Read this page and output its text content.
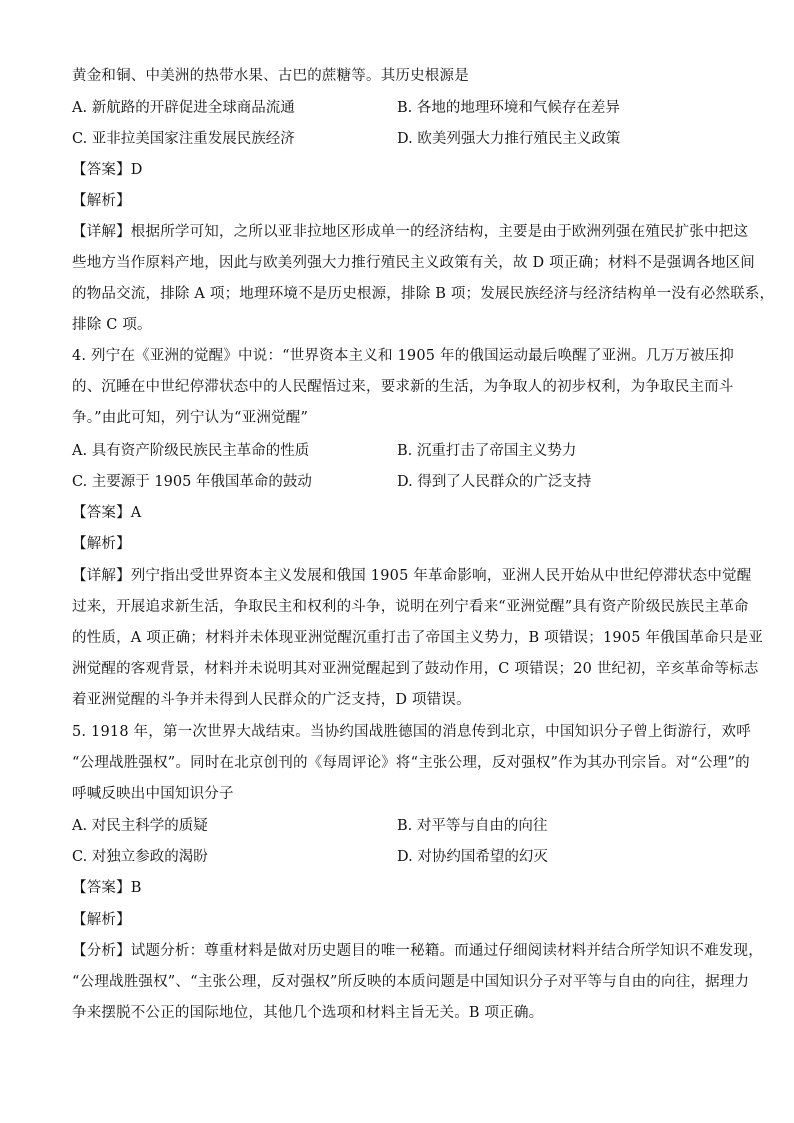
黄金和铜、中美洲的热带水果、古巴的蔗糖等。其历史根源是
A. 新航路的开辟促进全球商品流通	B. 各地的地理环境和气候存在差异
C. 亚非拉美国家注重发展民族经济	D. 欧美列强大力推行殖民主义政策
【答案】D
【解析】
【详解】根据所学可知，之所以亚非拉地区形成单一的经济结构，主要是由于欧洲列强在殖民扩张中把这
些地方当作原料产地，因此与欧美列强大力推行殖民主义政策有关，故 D 项正确；材料不是强调各地区间
的物品交流，排除 A 项；地理环境不是历史根源，排除 B 项；发展民族经济与经济结构单一没有必然联系，
排除 C 项。
4. 列宁在《亚洲的觉醒》中说：“世界资本主义和 1905 年的俄国运动最后唤醒了亚洲。几万万被压抑
的、沉睡在中世纪停滞状态中的人民醒悟过来，要求新的生活，为争取人的初步权利，为争取民主而斗
争。”由此可知，列宁认为“亚洲觉醒”
A. 具有资产阶级民族民主革命的性质	B. 沉重打击了帝国主义势力
C. 主要源于 1905 年俄国革命的鼓动	D. 得到了人民群众的广泛支持
【答案】A
【解析】
【详解】列宁指出受世界资本主义发展和俄国 1905 年革命影响，亚洲人民开始从中世纪停滞状态中觉醒
过来，开展追求新生活，争取民主和权利的斗争，说明在列宁看来“亚洲觉醒”具有资产阶级民族民主革命
的性质，A 项正确；材料并未体现亚洲觉醒沉重打击了帝国主义势力，B 项错误；1905 年俄国革命只是亚
洲觉醒的客观背景，材料并未说明其对亚洲觉醒起到了鼓动作用，C 项错误；20 世纪初，辛亥革命等标志
着亚洲觉醒的斗争并未得到人民群众的广泛支持，D 项错误。
5. 1918 年，第一次世界大战结束。当协约国战胜德国的消息传到北京，中国知识分子曾上街游行，欢呼
“公理战胜强权”。同时在北京创刊的《每周评论》将“主张公理，反对强权”作为其办刊宗旨。对“公理”的
呼喊反映出中国知识分子
A. 对民主科学的质疑	B. 对平等与自由的向往
C. 对独立参政的渴盼	D. 对协约国希望的幻灭
【答案】B
【解析】
【分析】试题分析：尊重材料是做对历史题目的唯一秘籍。而通过仔细阅读材料并结合所学知识不难发现，
“公理战胜强权”、“主张公理，反对强权”所反映的本质问题是中国知识分子对平等与自由的向往，据理力
争来摆脱不公正的国际地位，其他几个选项和材料主旨无关。B 项正确。
